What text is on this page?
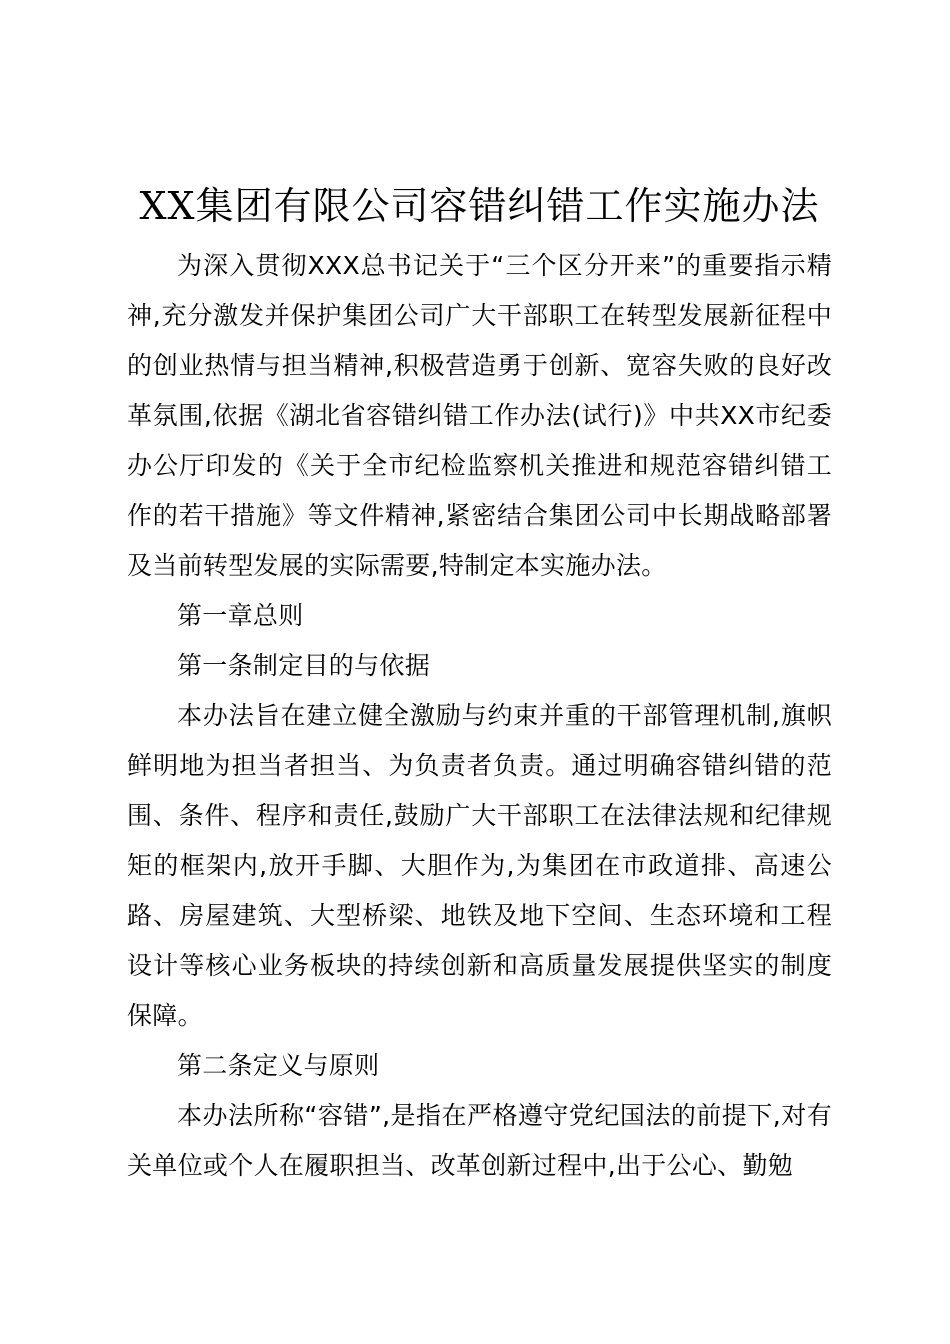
XX集团有限公司容错纠错工作实施办法

为深入贯彻XXX总书记关于“三个区分开来”的重要指示精神,充分激发并保护集团公司广大干部职工在转型发展新征程中的创业热情与担当精神,积极营造勇于创新、宽容失败的良好改革氛围,依据《湖北省容错纠错工作办法(试行)》中共XX市纪委办公厅印发的《关于全市纪检监察机关推进和规范容错纠错工作的若干措施》等文件精神,紧密结合集团公司中长期战略部署及当前转型发展的实际需要,特制定本实施办法。

第一章总则

第一条制定目的与依据

本办法旨在建立健全激励与约束并重的干部管理机制,旗帜鲜明地为担当者担当、为负责者负责。通过明确容错纠错的范围、条件、程序和责任,鼓励广大干部职工在法律法规和纪律规矩的框架内,放开手脚、大胆作为,为集团在市政道排、高速公路、房屋建筑、大型桥梁、地铁及地下空间、生态环境和工程设计等核心业务板块的持续创新和高质量发展提供坚实的制度保障。

第二条定义与原则

本办法所称“容错”,是指在严格遵守党纪国法的前提下,对有关单位或个人在履职担当、改革创新过程中,出于公心、勤勉
